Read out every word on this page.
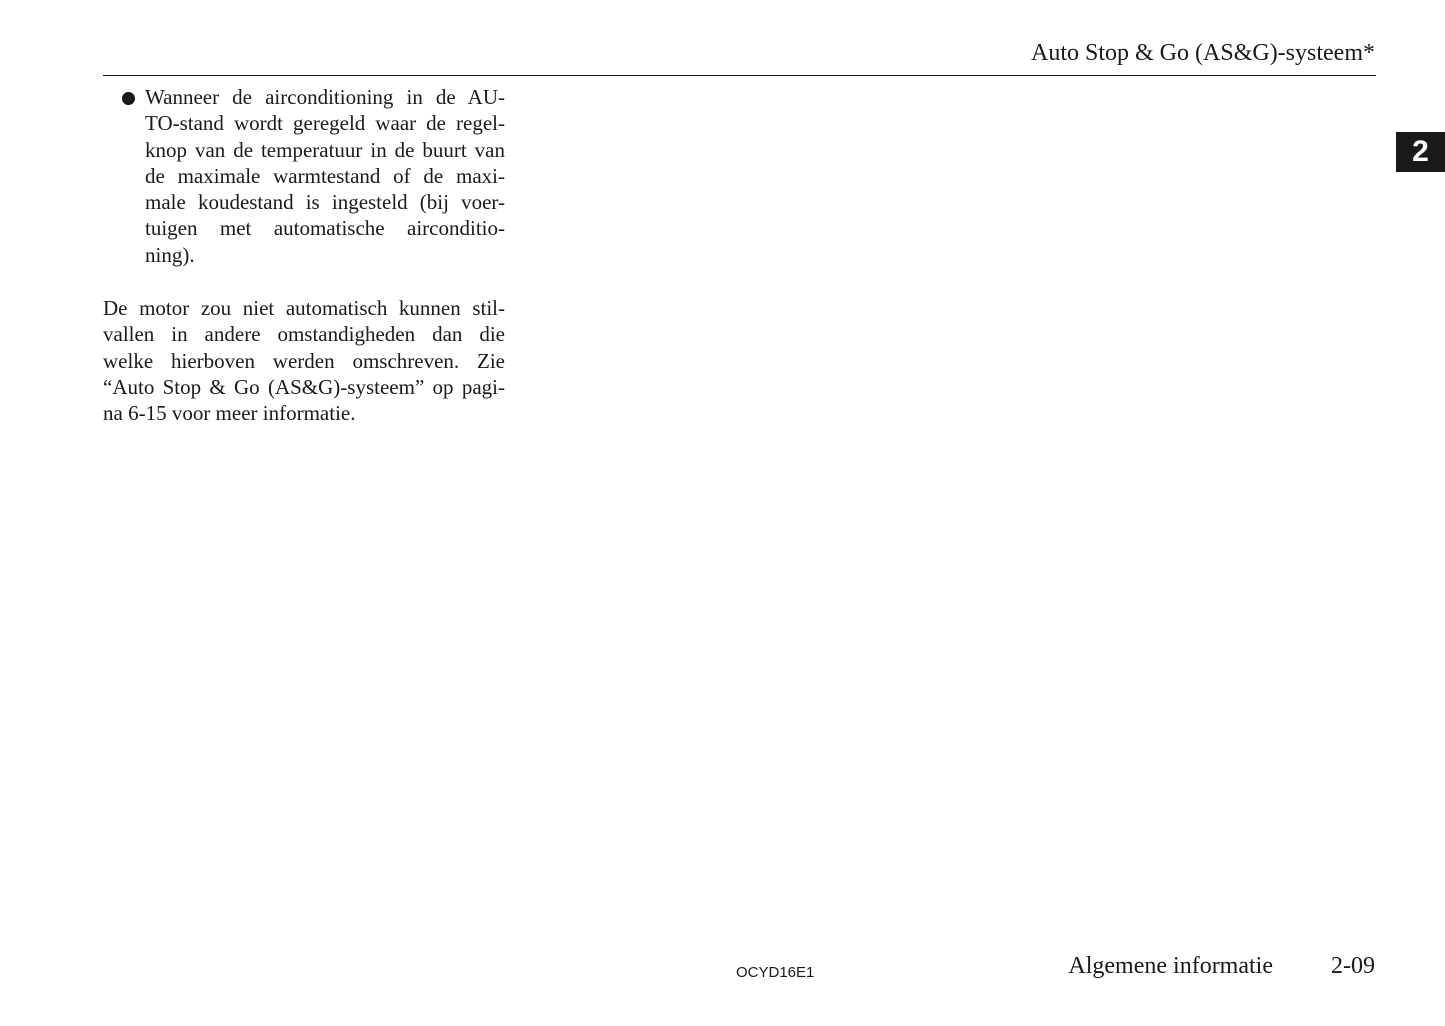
Auto Stop & Go (AS&G)-systeem*
2
Wanneer de airconditioning in de AU-
TO-stand wordt geregeld waar de regel-
knop van de temperatuur in de buurt van
de maximale warmtestand of de maxi-
male koudestand is ingesteld (bij voer-
tuigen met automatische airconditio-
ning).
De motor zou niet automatisch kunnen stil-
vallen in andere omstandigheden dan die
welke hierboven werden omschreven. Zie
“Auto Stop & Go (AS&G)-systeem” op pagi-
na 6-15 voor meer informatie.
OCYD16E1	Algemene informatie 2-09
